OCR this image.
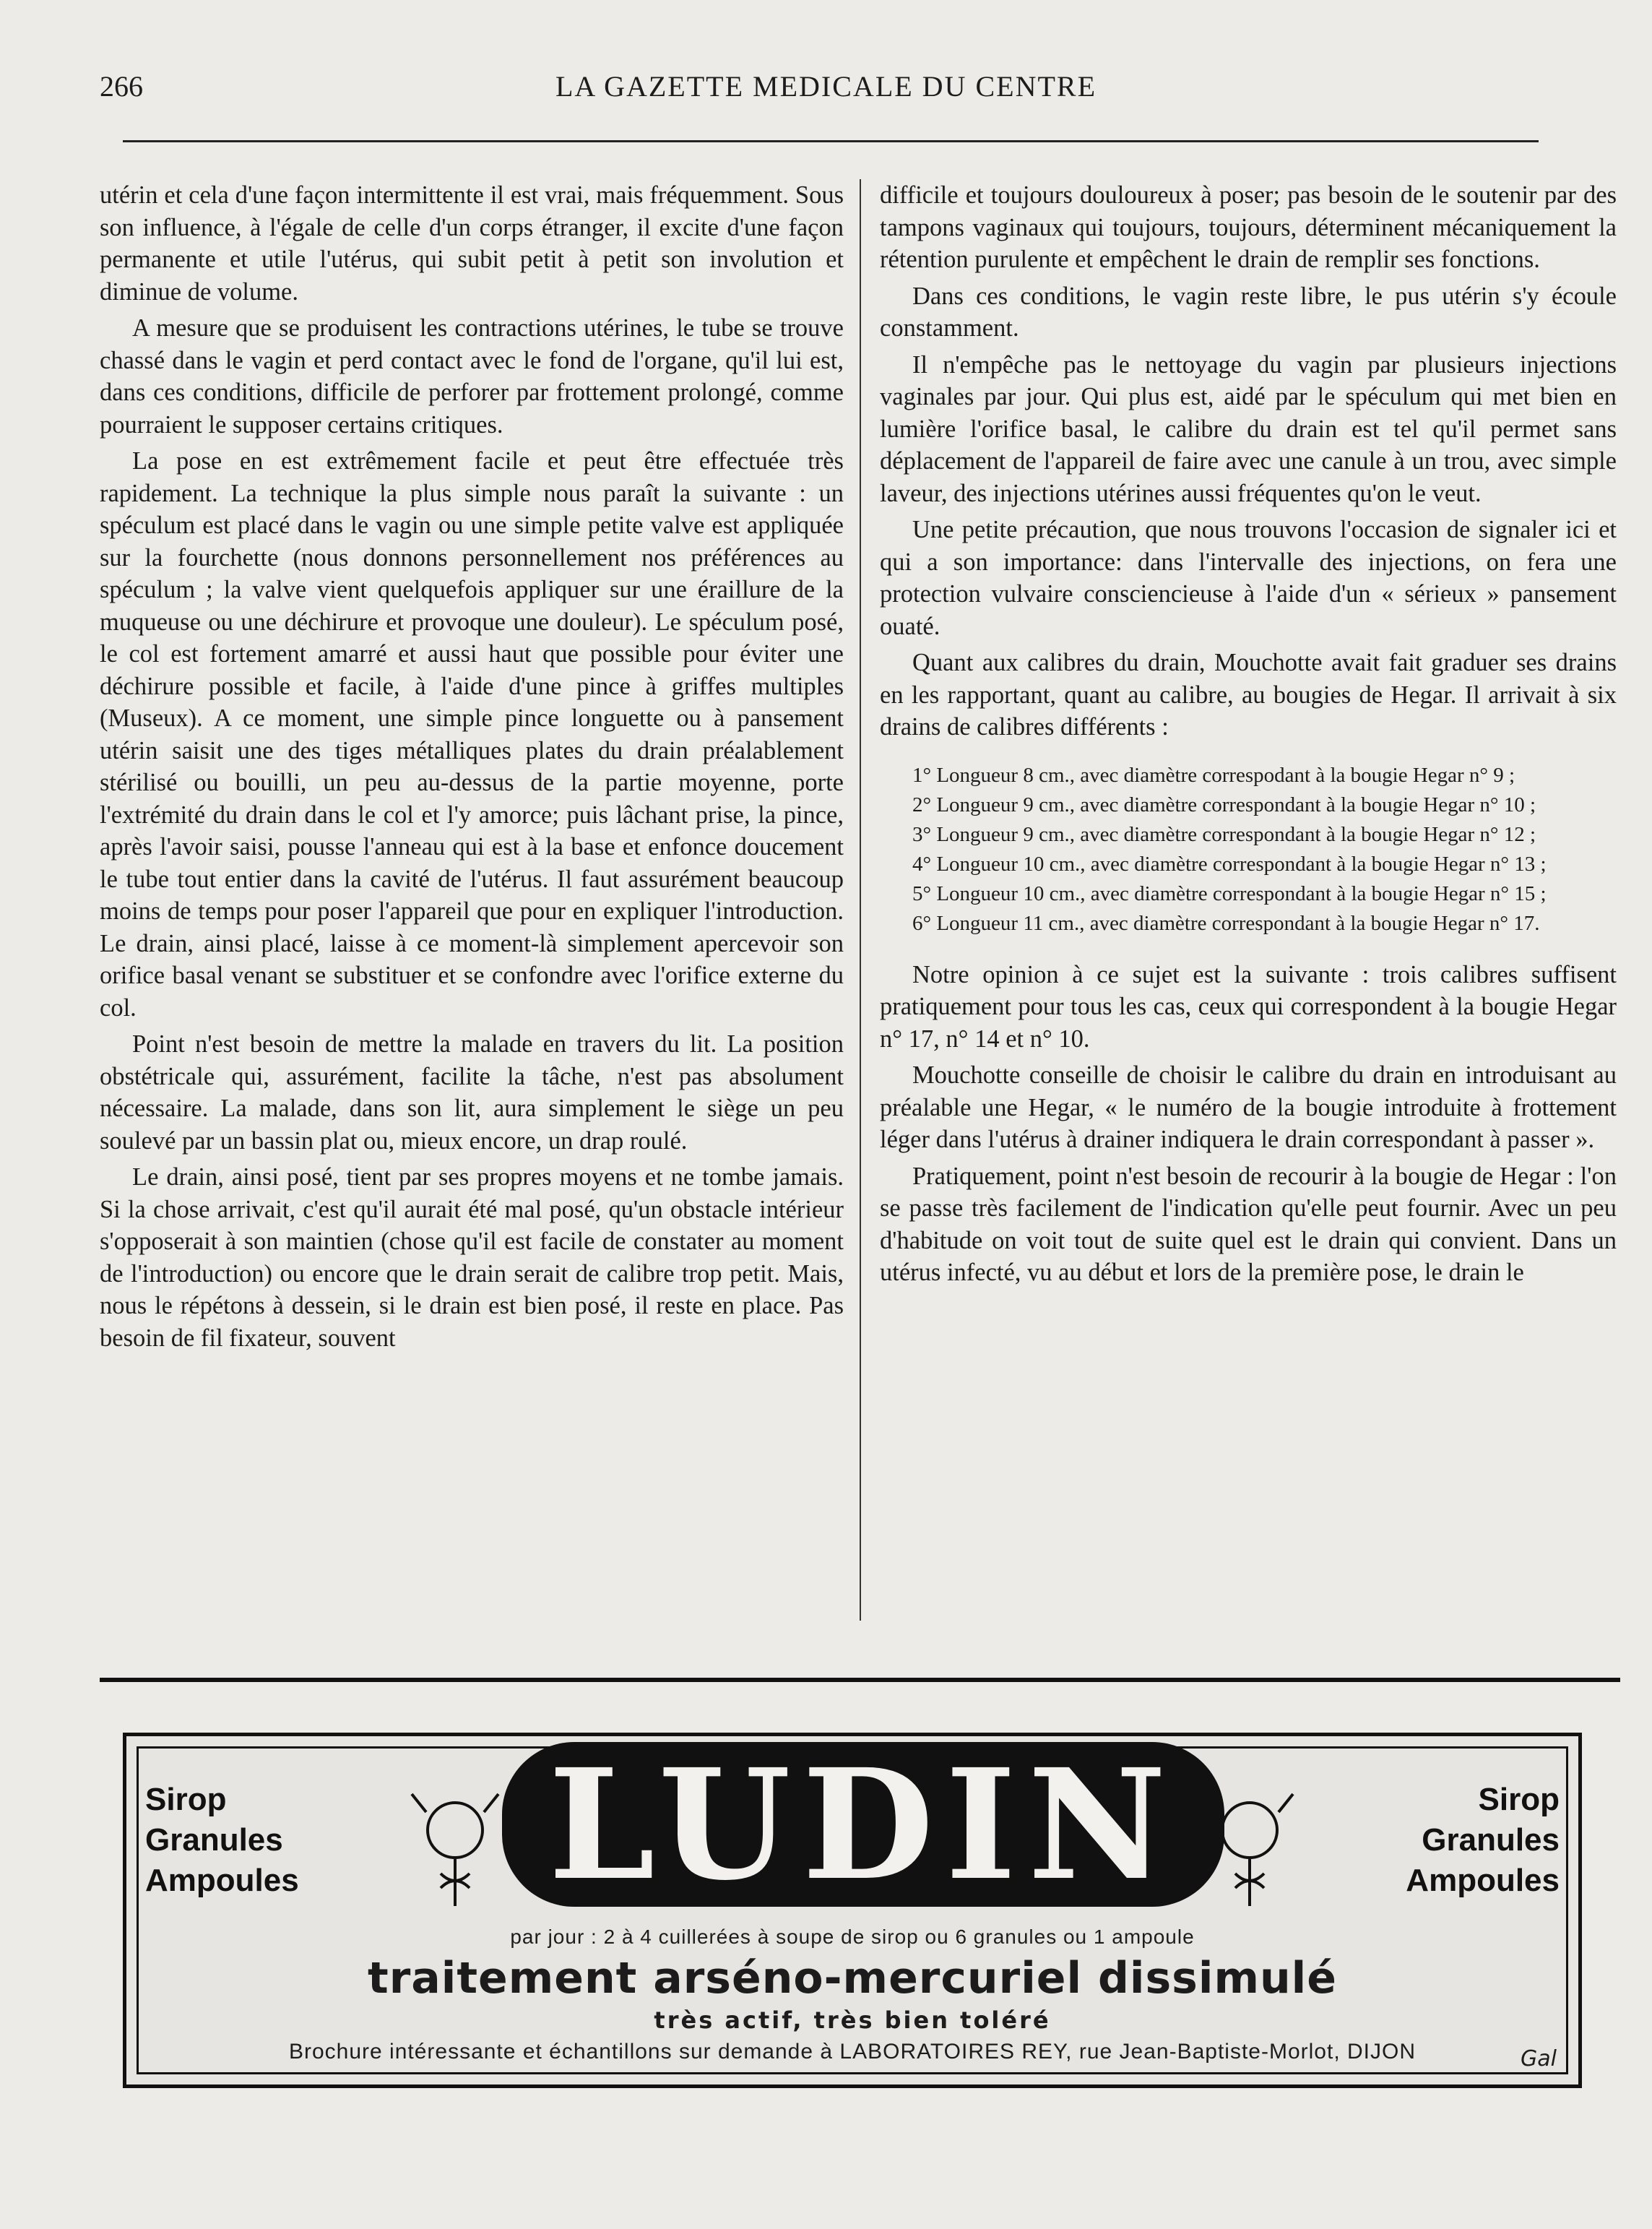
266	LA GAZETTE MEDICALE DU CENTRE

utérin et cela d'une façon intermittente il est vrai, mais fréquemment. Sous son influence, à l'égale de celle d'un corps étranger, il excite d'une façon permanente et utile l'utérus, qui subit petit à petit son involution et diminue de volume.

A mesure que se produisent les contractions utérines, le tube se trouve chassé dans le vagin et perd contact avec le fond de l'organe, qu'il lui est, dans ces conditions, difficile de perforer par frottement prolongé, comme pourraient le supposer certains critiques.

La pose en est extrêmement facile et peut être effectuée très rapidement. La technique la plus simple nous paraît la suivante : un spéculum est placé dans le vagin ou une simple petite valve est appliquée sur la fourchette (nous donnons personnellement nos préférences au spéculum ; la valve vient quelquefois appliquer sur une éraillure de la muqueuse ou une déchirure et provoque une douleur). Le spéculum posé, le col est fortement amarré et aussi haut que possible pour éviter une déchirure possible et facile, à l'aide d'une pince à griffes multiples (Museux). A ce moment, une simple pince longuette ou à pansement utérin saisit une des tiges métalliques plates du drain préalablement stérilisé ou bouilli, un peu au-dessus de la partie moyenne, porte l'extrémité du drain dans le col et l'y amorce; puis lâchant prise, la pince, après l'avoir saisi, pousse l'anneau qui est à la base et enfonce doucement le tube tout entier dans la cavité de l'utérus. Il faut assurément beaucoup moins de temps pour poser l'appareil que pour en expliquer l'introduction. Le drain, ainsi placé, laisse à ce moment-là simplement apercevoir son orifice basal venant se substituer et se confondre avec l'orifice externe du col.

Point n'est besoin de mettre la malade en travers du lit. La position obstétricale qui, assurément, facilite la tâche, n'est pas absolument nécessaire. La malade, dans son lit, aura simplement le siège un peu soulevé par un bassin plat ou, mieux encore, un drap roulé.

Le drain, ainsi posé, tient par ses propres moyens et ne tombe jamais. Si la chose arrivait, c'est qu'il aurait été mal posé, qu'un obstacle intérieur s'opposerait à son maintien (chose qu'il est facile de constater au moment de l'introduction) ou encore que le drain serait de calibre trop petit. Mais, nous le répétons à dessein, si le drain est bien posé, il reste en place. Pas besoin de fil fixateur, souvent

difficile et toujours douloureux à poser; pas besoin de le soutenir par des tampons vaginaux qui toujours, toujours, déterminent mécaniquement la rétention purulente et empêchent le drain de remplir ses fonctions.

Dans ces conditions, le vagin reste libre, le pus utérin s'y écoule constamment.

Il n'empêche pas le nettoyage du vagin par plusieurs injections vaginales par jour. Qui plus est, aidé par le spéculum qui met bien en lumière l'orifice basal, le calibre du drain est tel qu'il permet sans déplacement de l'appareil de faire avec une canule à un trou, avec simple laveur, des injections utérines aussi fréquentes qu'on le veut.

Une petite précaution, que nous trouvons l'occasion de signaler ici et qui a son importance: dans l'intervalle des injections, on fera une protection vulvaire consciencieuse à l'aide d'un « sérieux » pansement ouaté.

Quant aux calibres du drain, Mouchotte avait fait graduer ses drains en les rapportant, quant au calibre, au bougies de Hegar. Il arrivait à six drains de calibres différents :

1° Longueur 8 cm., avec diamètre correspodant à la bougie Hegar n° 9 ;
2° Longueur 9 cm., avec diamètre correspondant à la bougie Hegar n° 10 ;
3° Longueur 9 cm., avec diamètre correspondant à la bougie Hegar n° 12 ;
4° Longueur 10 cm., avec diamètre correspondant à la bougie Hegar n° 13 ;
5° Longueur 10 cm., avec diamètre correspondant à la bougie Hegar n° 15 ;
6° Longueur 11 cm., avec diamètre correspondant à la bougie Hegar n° 17.

Notre opinion à ce sujet est la suivante : trois calibres suffisent pratiquement pour tous les cas, ceux qui correspondent à la bougie Hegar n° 17, n° 14 et n° 10.

Mouchotte conseille de choisir le calibre du drain en introduisant au préalable une Hegar, « le numéro de la bougie introduite à frottement léger dans l'utérus à drainer indiquera le drain correspondant à passer ».

Pratiquement, point n'est besoin de recourir à la bougie de Hegar : l'on se passe très facilement de l'indication qu'elle peut fournir. Avec un peu d'habitude on voit tout de suite quel est le drain qui convient. Dans un utérus infecté, vu au début et lors de la première pose, le drain le

Sirop
Granules
Ampoules
Sirop
Granules
Ampoules
LUDIN
par jour : 2 à 4 cuillerées à soupe de sirop ou 6 granules ou 1 ampoule
traitement arséno-mercuriel dissimulé
très actif, très bien toléré
Brochure intéressante et échantillons sur demande à LABORATOIRES REY, rue Jean-Baptiste-Morlot, DIJON	Gal
